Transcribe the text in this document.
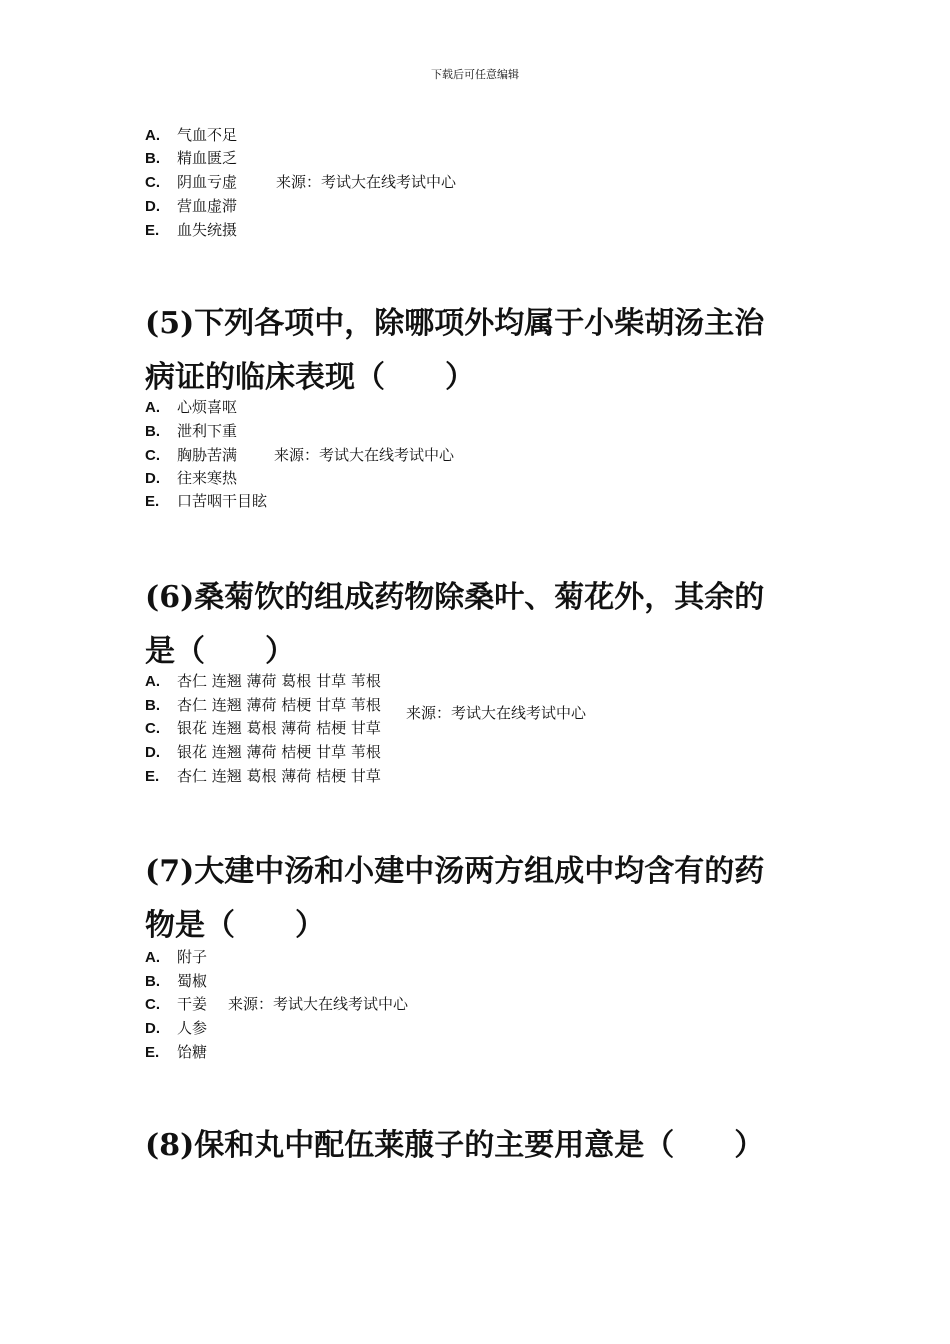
下载后可任意编辑
A. 气血不足
B. 精血匮乏
C. 阴血亏虚
D. 营血虚滞
E. 血失统摄
来源：考试大在线考试中心
(5)下列各项中，除哪项外均属于小柴胡汤主治
病证的临床表现（　　）
A. 心烦喜呕
B. 泄利下重
C. 胸胁苦满
D. 往来寒热
E. 口苦咽干目眩
来源：考试大在线考试中心
(6)桑菊饮的组成药物除桑叶、菊花外，其余的
是（　　）
A. 杏仁 连翘 薄荷 葛根 甘草 苇根
B. 杏仁 连翘 薄荷 桔梗 甘草 苇根
C. 银花 连翘 葛根 薄荷 桔梗 甘草
D. 银花 连翘 薄荷 桔梗 甘草 苇根
E. 杏仁 连翘 葛根 薄荷 桔梗 甘草
来源：考试大在线考试中心
(7)大建中汤和小建中汤两方组成中均含有的药
物是（　　）
A. 附子
B. 蜀椒
C. 干姜
D. 人参
E. 饴糖
来源：考试大在线考试中心
(8)保和丸中配伍莱菔子的主要用意是（　　）
